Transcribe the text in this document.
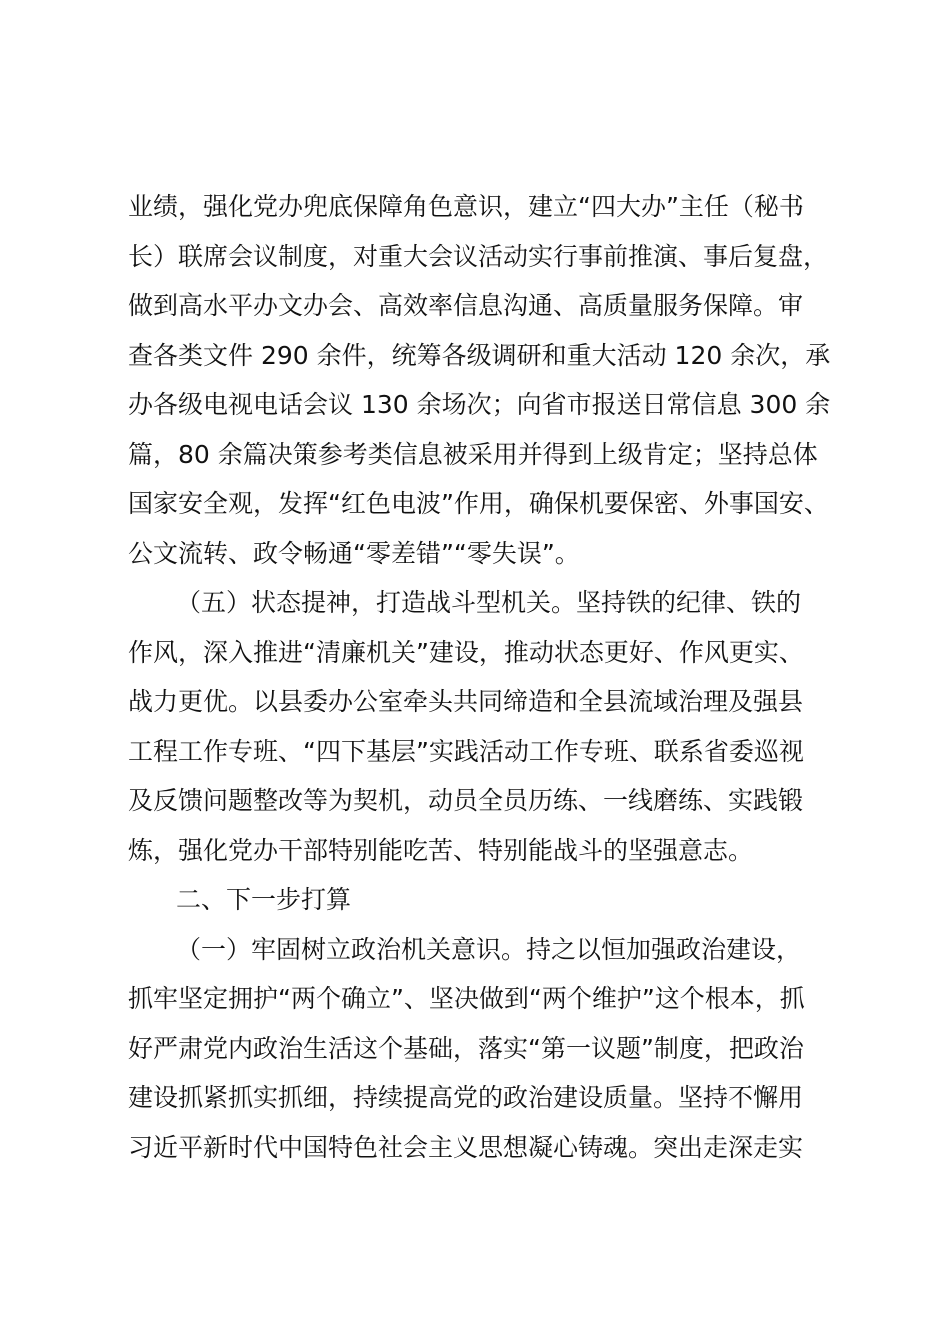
业绩，强化党办兜底保障角色意识，建立“四大办”主任（秘书
长）联席会议制度，对重大会议活动实行事前推演、事后复盘，
做到高水平办文办会、高效率信息沟通、高质量服务保障。审
查各类文件 290 余件，统筹各级调研和重大活动 120 余次，承
办各级电视电话会议 130 余场次；向省市报送日常信息 300 余
篇，80 余篇决策参考类信息被采用并得到上级肯定；坚持总体
国家安全观，发挥“红色电波”作用，确保机要保密、外事国安、
公文流转、政令畅通“零差错”“零失误”。
（五）状态提神，打造战斗型机关。坚持铁的纪律、铁的
作风，深入推进“清廉机关”建设，推动状态更好、作风更实、
战力更优。以县委办公室牵头共同缔造和全县流域治理及强县
工程工作专班、“四下基层”实践活动工作专班、联系省委巡视
及反馈问题整改等为契机，动员全员历练、一线磨练、实践锻
炼，强化党办干部特别能吃苦、特别能战斗的坚强意志。
二、下一步打算
（一）牢固树立政治机关意识。持之以恒加强政治建设，
抓牢坚定拥护“两个确立”、坚决做到“两个维护”这个根本，抓
好严肃党内政治生活这个基础，落实“第一议题”制度，把政治
建设抓紧抓实抓细，持续提高党的政治建设质量。坚持不懈用
习近平新时代中国特色社会主义思想凝心铸魂。突出走深走实
